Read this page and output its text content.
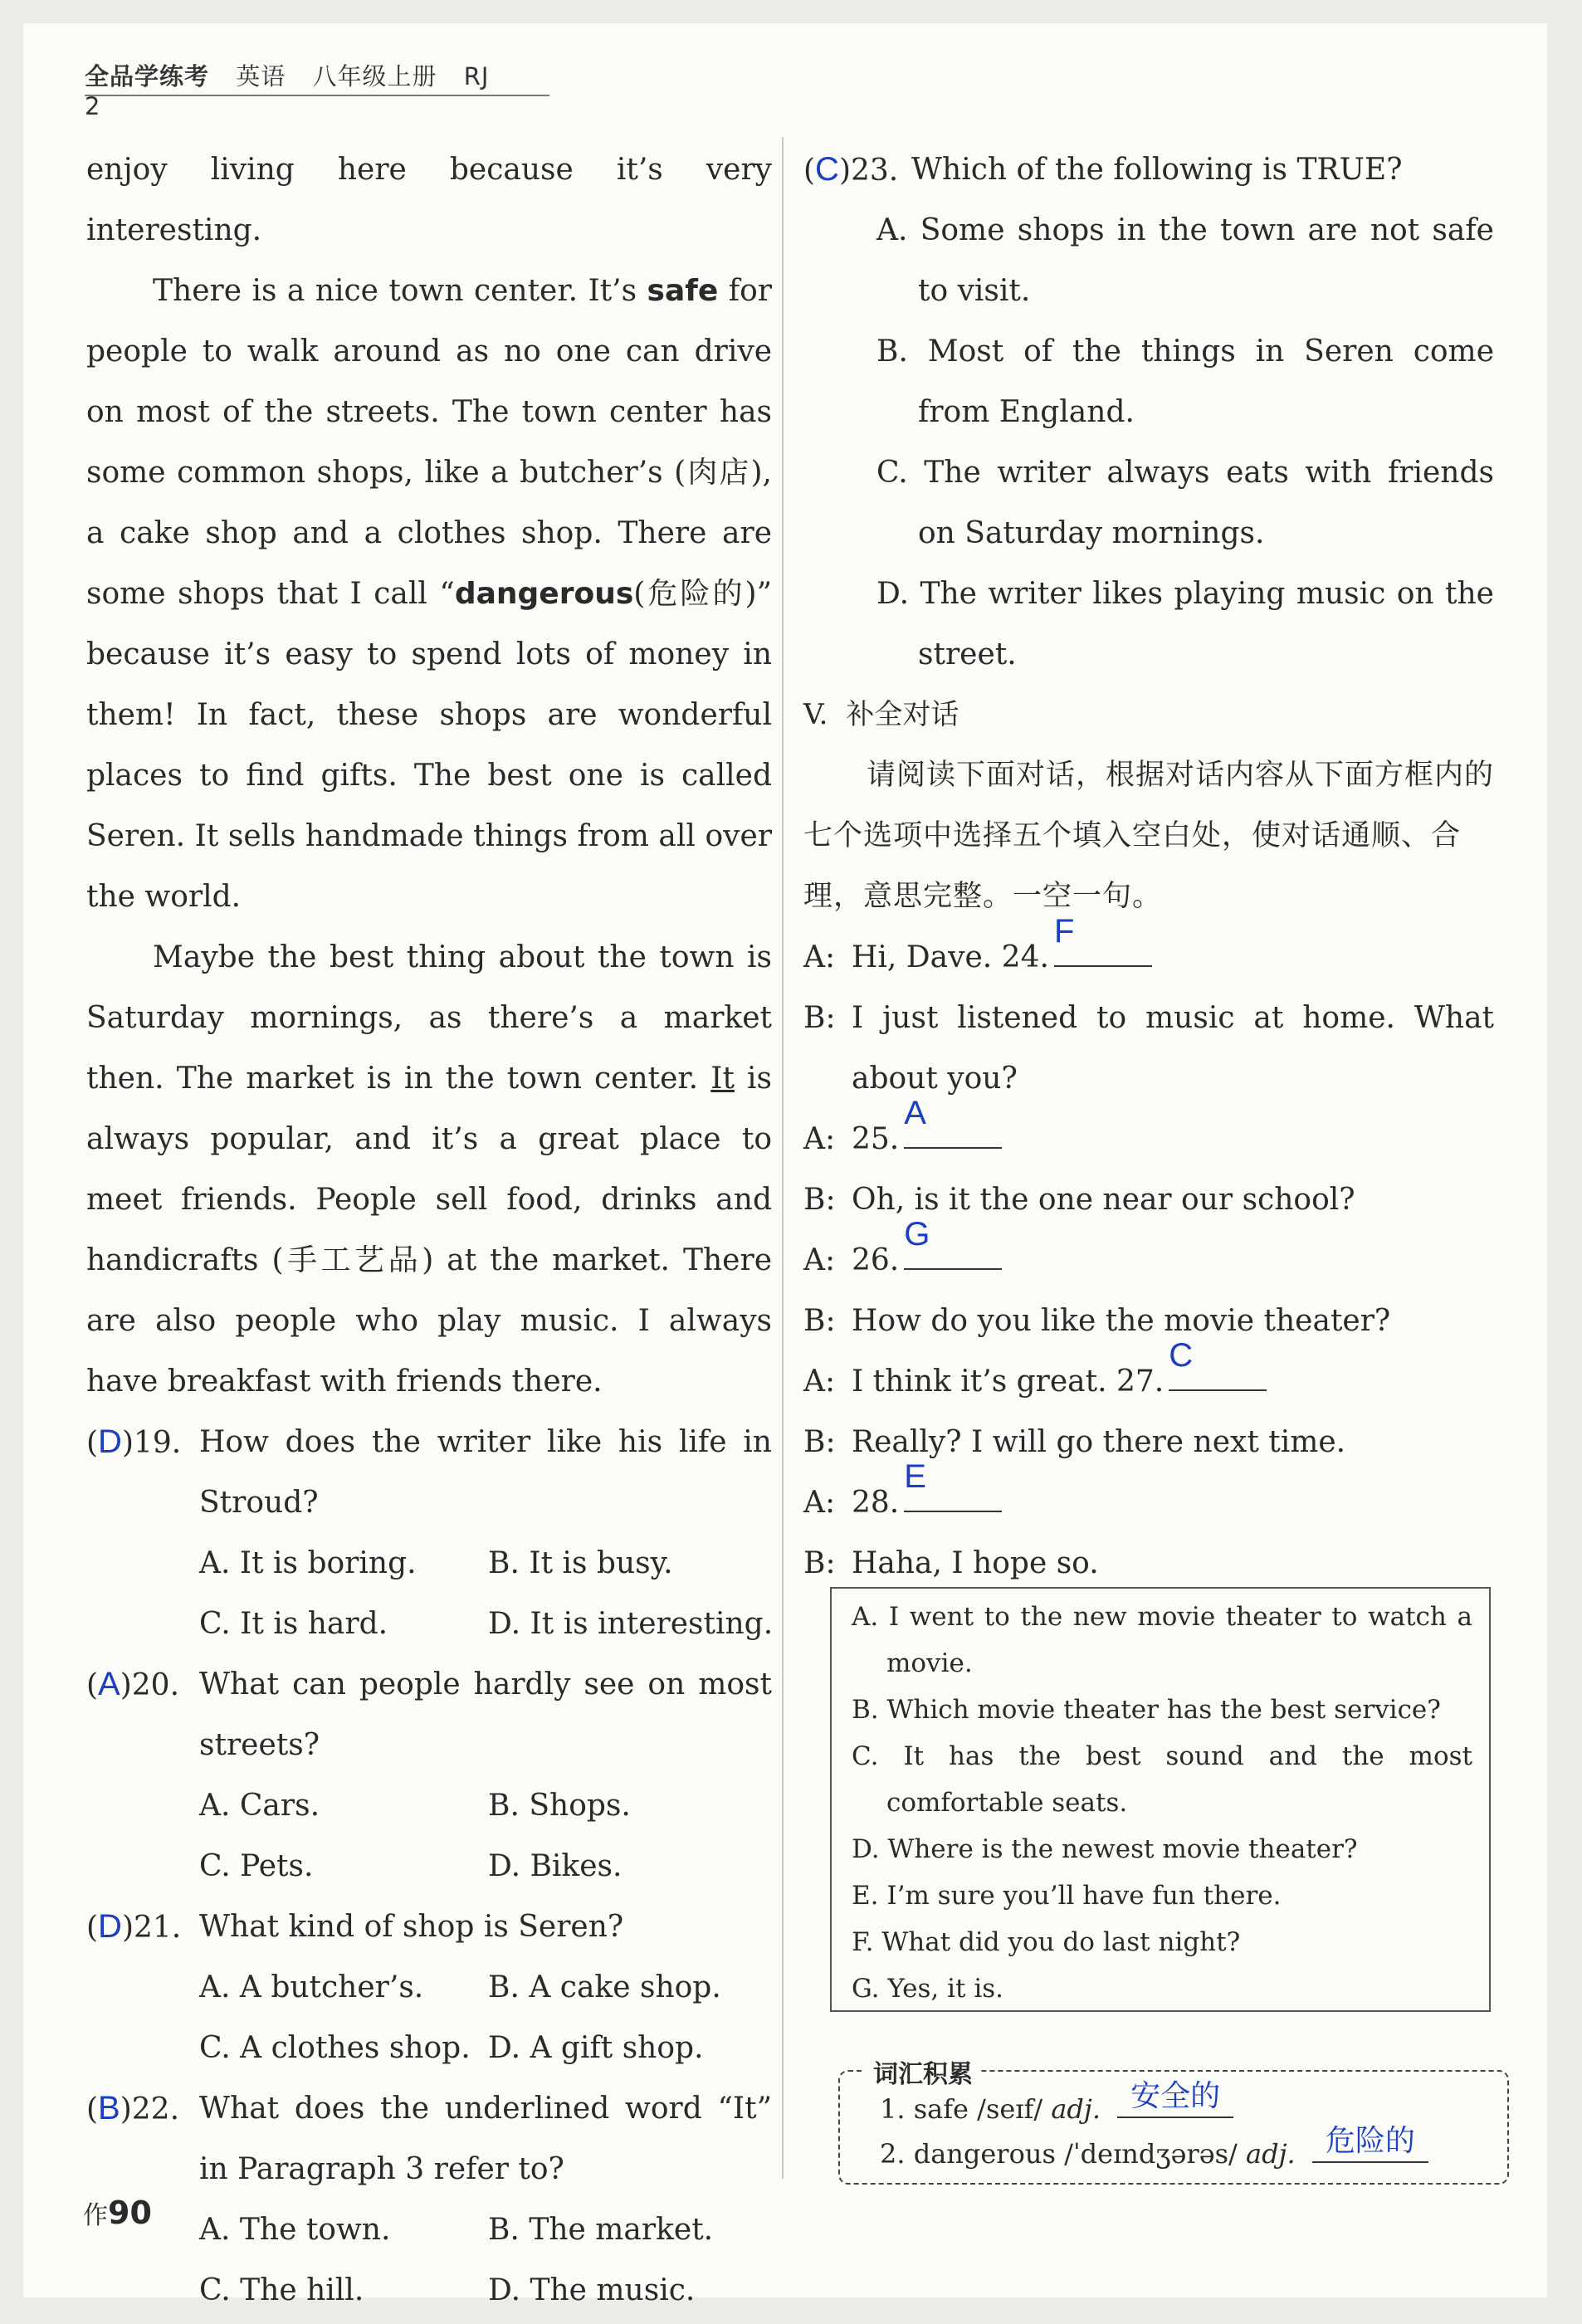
全品学练考 英语 八年级上册 RJ 2

enjoy living here because it’s very interesting.

There is a nice town center. It’s safe for people to walk around as no one can drive on most of the streets. The town center has some common shops, like a butcher’s (肉店), a cake shop and a clothes shop. There are some shops that I call “dangerous(危险的)” because it’s easy to spend lots of money in them! In fact, these shops are wonderful places to find gifts. The best one is called Seren. It sells handmade things from all over the world.

Maybe the best thing about the town is Saturday mornings, as there’s a market then. The market is in the town center. It is always popular, and it’s a great place to meet friends. People sell food, drinks and handicrafts (手工艺品) at the market. There are also people who play music. I always have breakfast with friends there.

(D)19. How does the writer like his life in Stroud?

A. It is boring.	B. It is busy.
C. It is hard.	D. It is interesting.

(A)20. What can people hardly see on most streets?

A. Cars.	B. Shops.
C. Pets.	D. Bikes.

(D)21. What kind of shop is Seren?

A. A butcher’s.	B. A cake shop.
C. A clothes shop. D. A gift shop.

(B)22. What does the underlined word “It” in Paragraph 3 refer to?

A. The town.	B. The market.
C. The hill.	D. The music.

(C)23. Which of the following is TRUE?

A. Some shops in the town are not safe to visit.

B. Most of the things in Seren come from England.

C. The writer always eats with friends on Saturday mornings.

D. The writer likes playing music on the street.

V. 补全对话

请阅读下面对话，根据对话内容从下面方框内的七个选项中选择五个填入空白处，使对话通顺、合理，意思完整。一空一句。

A: Hi, Dave. 24.
F

B: I just listened to music at home. What about you?

A: 25.
A

B: Oh, is it the one near our school?

A: 26.
G

B: How do you like the movie theater?

A: I think it’s great. 27.
C

B: Really? I will go there next time.

A: 28.
E

B: Haha, I hope so.

A. I went to the new movie theater to watch a movie.

B. Which movie theater has the best service?

C. It has the best sound and the most comfortable seats.

D. Where is the newest movie theater?

E. I’m sure you’ll have fun there.

F. What did you do last night?

G. Yes, it is.

词汇积累
1. safe /seɪf/ adj.	安全的
2. dangerous /ˈdeɪndʒərəs/ adj.	危险的
作90
